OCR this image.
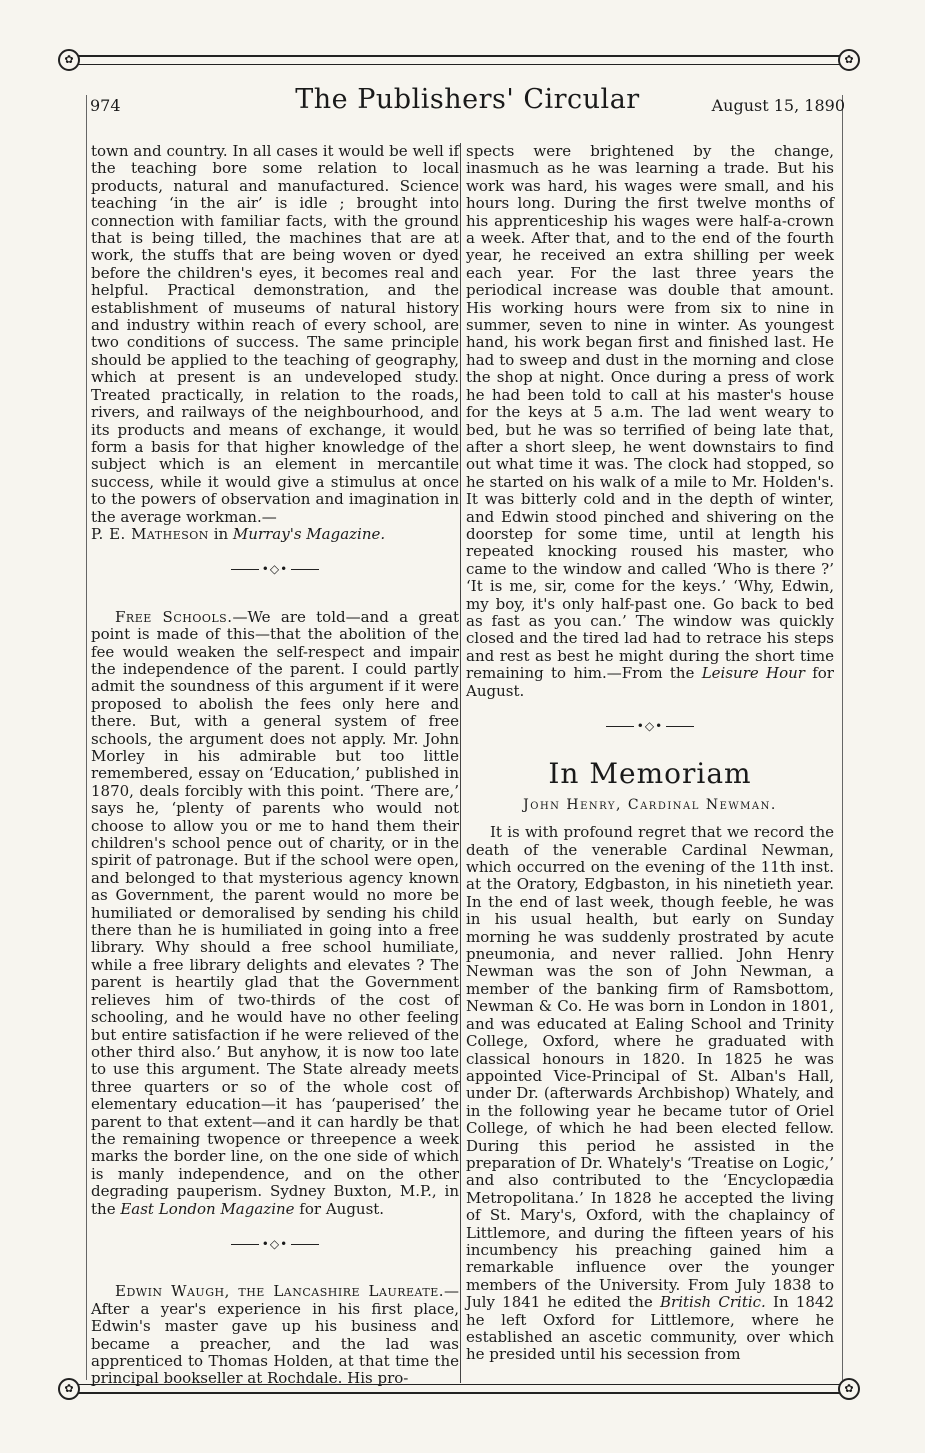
✿	✿
✿	✿
974	The Publishers' Circular	August 15, 1890

town and country. In all cases it would be well if the teaching bore some relation to local products, natural and manufactured. Science teaching ‘in the air’ is idle ; brought into connection with familiar facts, with the ground that is being tilled, the machines that are at work, the stuffs that are being woven or dyed before the children's eyes, it becomes real and helpful. Practical demonstration, and the establishment of museums of natural history and industry within reach of every school, are two conditions of success. The same principle should be applied to the teaching of geography, which at present is an undeveloped study. Treated practically, in relation to the roads, rivers, and railways of the neighbourhood, and its products and means of exchange, it would form a basis for that higher knowledge of the subject which is an element in mercantile success, while it would give a stimulus at once to the powers of observation and imagination in the average workman.—
P. E. Matheson in Murray's Magazine.

•◇•

Free Schools.—We are told—and a great point is made of this—that the abolition of the fee would weaken the self-respect and impair the independence of the parent. I could partly admit the soundness of this argument if it were proposed to abolish the fees only here and there. But, with a general system of free schools, the argument does not apply. Mr. John Morley in his admirable but too little remembered, essay on ‘Education,’ published in 1870, deals forcibly with this point. ‘There are,’ says he, ‘plenty of parents who would not choose to allow you or me to hand them their children's school pence out of charity, or in the spirit of patronage. But if the school were open, and belonged to that mysterious agency known as Government, the parent would no more be humiliated or demoralised by sending his child there than he is humiliated in going into a free library. Why should a free school humiliate, while a free library delights and elevates ? The parent is heartily glad that the Government relieves him of two-thirds of the cost of schooling, and he would have no other feeling but entire satisfaction if he were relieved of the other third also.’ But anyhow, it is now too late to use this argument. The State already meets three quarters or so of the whole cost of elementary education—it has ‘pauperised’ the parent to that extent—and it can hardly be that the remaining twopence or threepence a week marks the border line, on the one side of which is manly independence, and on the other degrading pauperism. Sydney Buxton, M.P., in the East London Magazine for August.

•◇•

Edwin Waugh, the Lancashire Laureate.—After a year's experience in his first place, Edwin's master gave up his business and became a preacher, and the lad was apprenticed to Thomas Holden, at that time the principal bookseller at Rochdale. His pro-

spects were brightened by the change, inasmuch as he was learning a trade. But his work was hard, his wages were small, and his hours long. During the first twelve months of his apprenticeship his wages were half-a-crown a week. After that, and to the end of the fourth year, he received an extra shilling per week each year. For the last three years the periodical increase was double that amount. His working hours were from six to nine in summer, seven to nine in winter. As youngest hand, his work began first and finished last. He had to sweep and dust in the morning and close the shop at night. Once during a press of work he had been told to call at his master's house for the keys at 5 a.m. The lad went weary to bed, but he was so terrified of being late that, after a short sleep, he went downstairs to find out what time it was. The clock had stopped, so he started on his walk of a mile to Mr. Holden's. It was bitterly cold and in the depth of winter, and Edwin stood pinched and shivering on the doorstep for some time, until at length his repeated knocking roused his master, who came to the window and called ‘Who is there ?’ ‘It is me, sir, come for the keys.’ ‘Why, Edwin, my boy, it's only half-past one. Go back to bed as fast as you can.’ The window was quickly closed and the tired lad had to retrace his steps and rest as best he might during the short time remaining to him.—From the Leisure Hour for August.

•◇•
In Memoriam
John Henry, Cardinal Newman.

It is with profound regret that we record the death of the venerable Cardinal Newman, which occurred on the evening of the 11th inst. at the Oratory, Edgbaston, in his ninetieth year. In the end of last week, though feeble, he was in his usual health, but early on Sunday morning he was suddenly prostrated by acute pneumonia, and never rallied. John Henry Newman was the son of John Newman, a member of the banking firm of Ramsbottom, Newman & Co. He was born in London in 1801, and was educated at Ealing School and Trinity College, Oxford, where he graduated with classical honours in 1820. In 1825 he was appointed Vice-Principal of St. Alban's Hall, under Dr. (afterwards Archbishop) Whately, and in the following year he became tutor of Oriel College, of which he had been elected fellow. During this period he assisted in the preparation of Dr. Whately's ‘Treatise on Logic,’ and also contributed to the ‘Encyclopædia Metropolitana.’ In 1828 he accepted the living of St. Mary's, Oxford, with the chaplaincy of Littlemore, and during the fifteen years of his incumbency his preaching gained him a remarkable influence over the younger members of the University. From July 1838 to July 1841 he edited the British Critic. In 1842 he left Oxford for Littlemore, where he established an ascetic community, over which he presided until his secession from
